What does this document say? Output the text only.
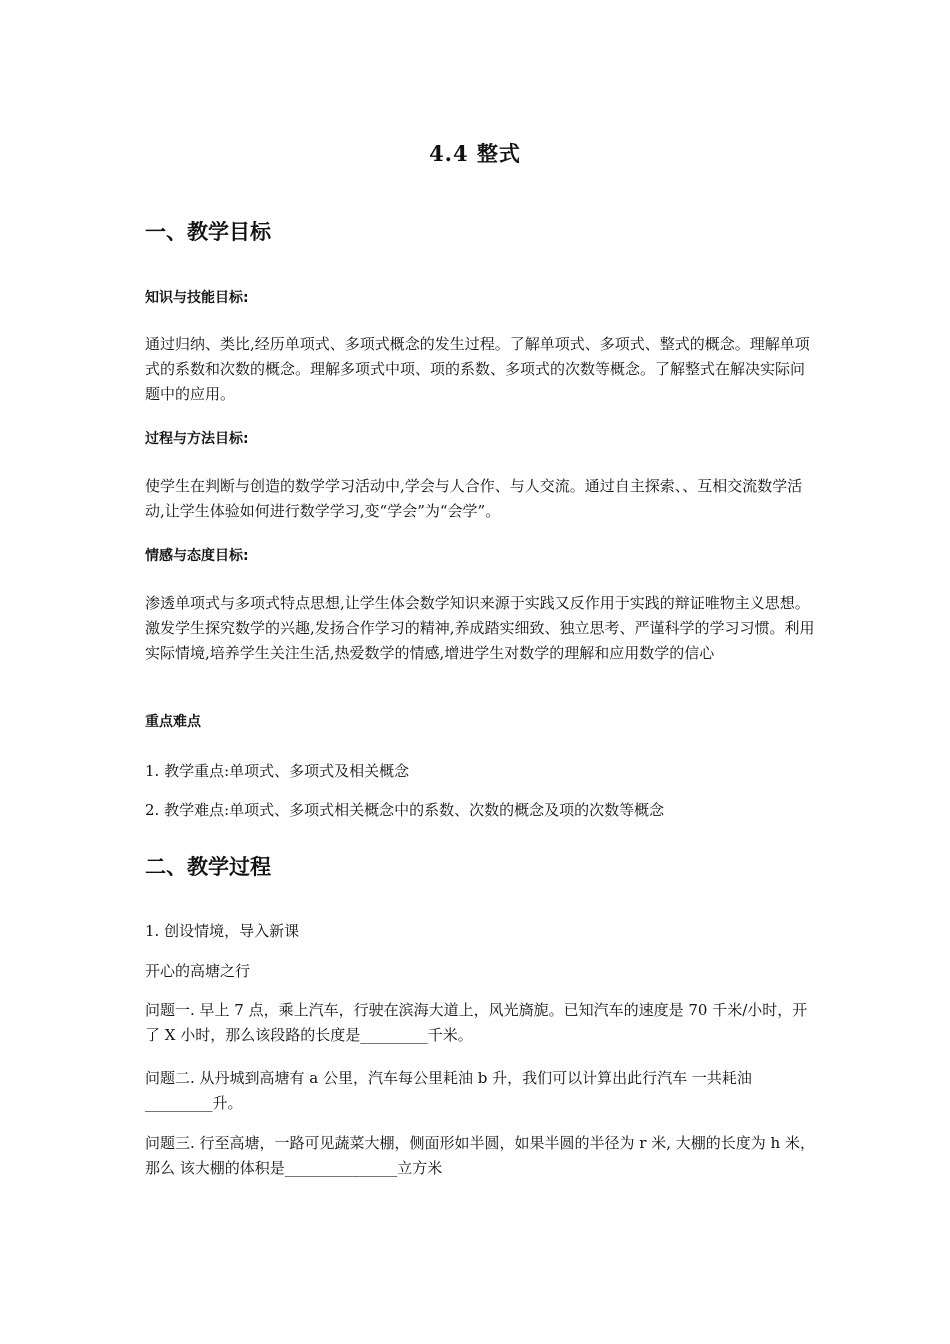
4.4 整式
一、教学目标
知识与技能目标:
通过归纳、类比,经历单项式、多项式概念的发生过程。了解单项式、多项式、整式的概念。理解单项式的系数和次数的概念。理解多项式中项、项的系数、多项式的次数等概念。了解整式在解决实际问题中的应用。
过程与方法目标:
使学生在判断与创造的数学学习活动中,学会与人合作、与人交流。通过自主探索、、互相交流数学活动,让学生体验如何进行数学学习,变“学会”为“会学”。
情感与态度目标:
渗透单项式与多项式特点思想,让学生体会数学知识来源于实践又反作用于实践的辩证唯物主义思想。激发学生探究数学的兴趣,发扬合作学习的精神,养成踏实细致、独立思考、严谨科学的学习习惯。利用实际情境,培养学生关注生活,热爱数学的情感,增进学生对数学的理解和应用数学的信心
重点难点
1. 教学重点:单项式、多项式及相关概念
2. 教学难点:单项式、多项式相关概念中的系数、次数的概念及项的次数等概念
二、教学过程
1. 创设情境，导入新课
开心的高塘之行
问题一. 早上 7 点，乘上汽车，行驶在滨海大道上，风光旖旎。已知汽车的速度是 70 千米/小时，开了 X 小时，那么该段路的长度是_________千米。
问题二. 从丹城到高塘有 a 公里，汽车每公里耗油 b 升，我们可以计算出此行汽车 一共耗油_________升。
问题三. 行至高塘，一路可见蔬菜大棚，侧面形如半圆，如果半圆的半径为 r 米, 大棚的长度为 h 米，那么 该大棚的体积是_______________立方米
